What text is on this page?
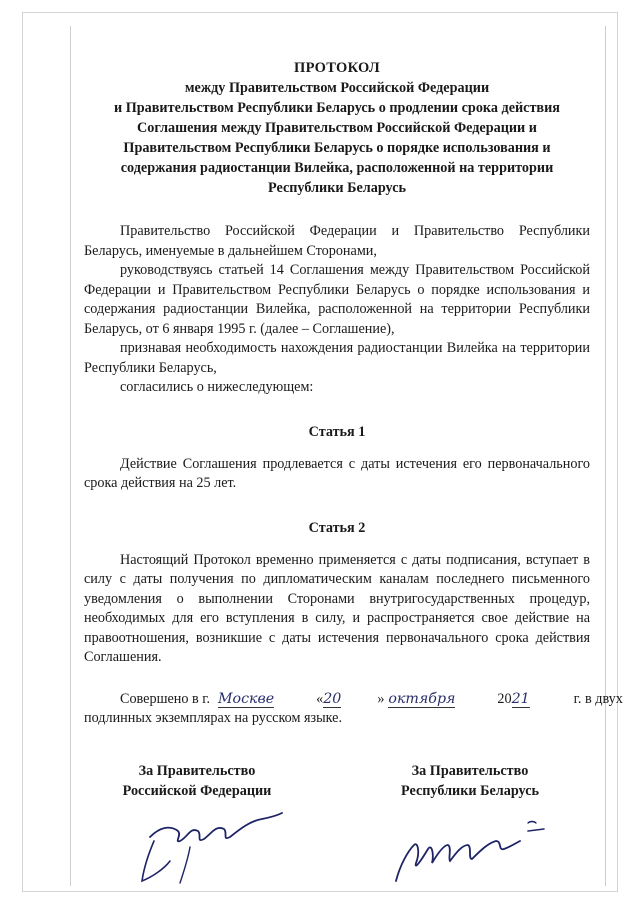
ПРОТОКОЛ
между Правительством Российской Федерации
и Правительством Республики Беларусь о продлении срока действия
Соглашения между Правительством Российской Федерации и
Правительством Республики Беларусь о порядке использования и
содержания радиостанции Вилейка, расположенной на территории
Республики Беларусь

Правительство Российской Федерации и Правительство Республики Беларусь, именуемые в дальнейшем Сторонами,

руководствуясь статьей 14 Соглашения между Правительством Российской Федерации и Правительством Республики Беларусь о порядке использования и содержания радиостанции Вилейка, расположенной на территории Республики Беларусь, от 6 января 1995 г. (далее – Соглашение),

признавая необходимость нахождения радиостанции Вилейка на территории Республики Беларусь,

согласились о нижеследующем:

Статья 1

Действие Соглашения продлевается с даты истечения его первоначального срока действия на 25 лет.

Статья 2

Настоящий Протокол временно применяется с даты подписания, вступает в силу с даты получения по дипломатическим каналам последнего письменного уведомления о выполнении Сторонами внутригосударственных процедур, необходимых для его вступления в силу, и распространяется свое действие на правоотношения, возникшие с даты истечения первоначального срока действия Соглашения.

Совершено в г. Москве	« 20	» октября	20 21	г. в двух
подлинных экземплярах на русском языке.
За Правительство
Российской Федерации
За Правительство
Республики Беларусь
